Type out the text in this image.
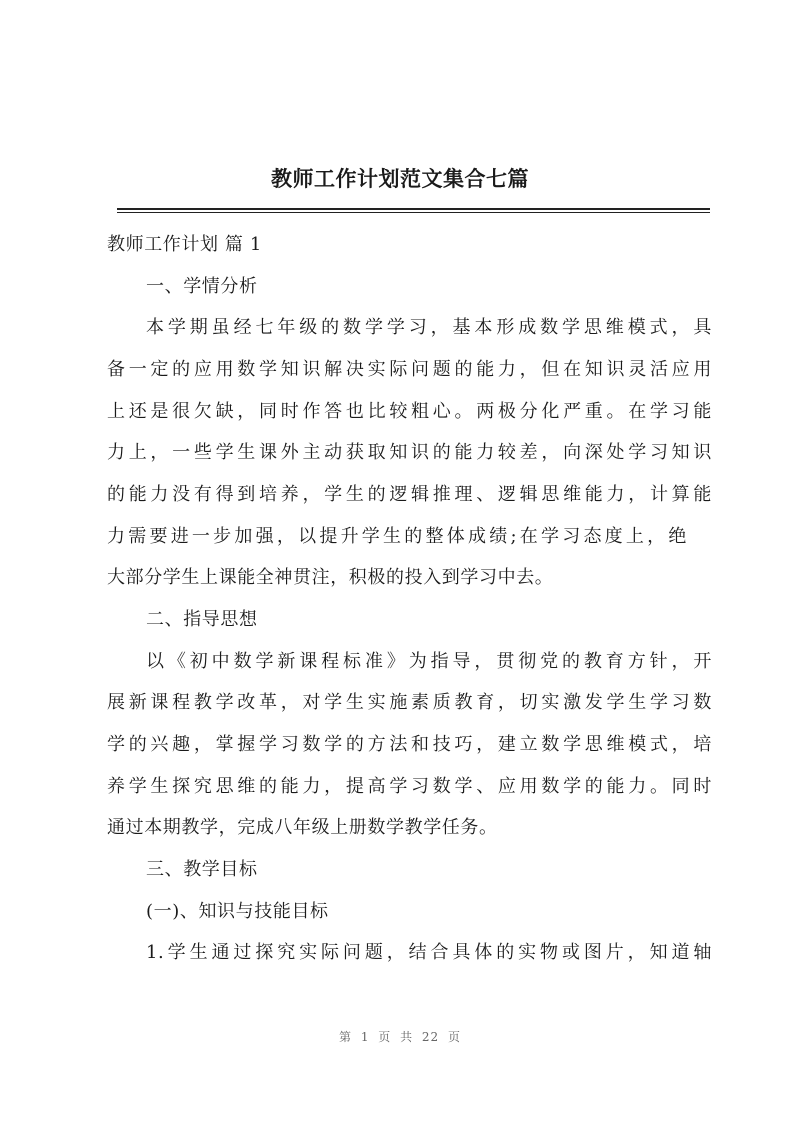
教师工作计划范文集合七篇
教师工作计划 篇 1
一、学情分析
本学期虽经七年级的数学学习，基本形成数学思维模式，具
备一定的应用数学知识解决实际问题的能力，但在知识灵活应用
上还是很欠缺，同时作答也比较粗心。两极分化严重。在学习能
力上，一些学生课外主动获取知识的能力较差，向深处学习知识
的能力没有得到培养，学生的逻辑推理、逻辑思维能力，计算能
力需要进一步加强，以提升学生的整体成绩;在学习态度上，绝
大部分学生上课能全神贯注，积极的投入到学习中去。
二、指导思想
以《初中数学新课程标准》为指导，贯彻党的教育方针，开
展新课程教学改革，对学生实施素质教育，切实激发学生学习数
学的兴趣，掌握学习数学的方法和技巧，建立数学思维模式，培
养学生探究思维的能力，提高学习数学、应用数学的能力。同时
通过本期教学，完成八年级上册数学教学任务。
三、教学目标
(一)、知识与技能目标
1.学生通过探究实际问题，结合具体的实物或图片，知道轴
第 1 页 共 22 页
